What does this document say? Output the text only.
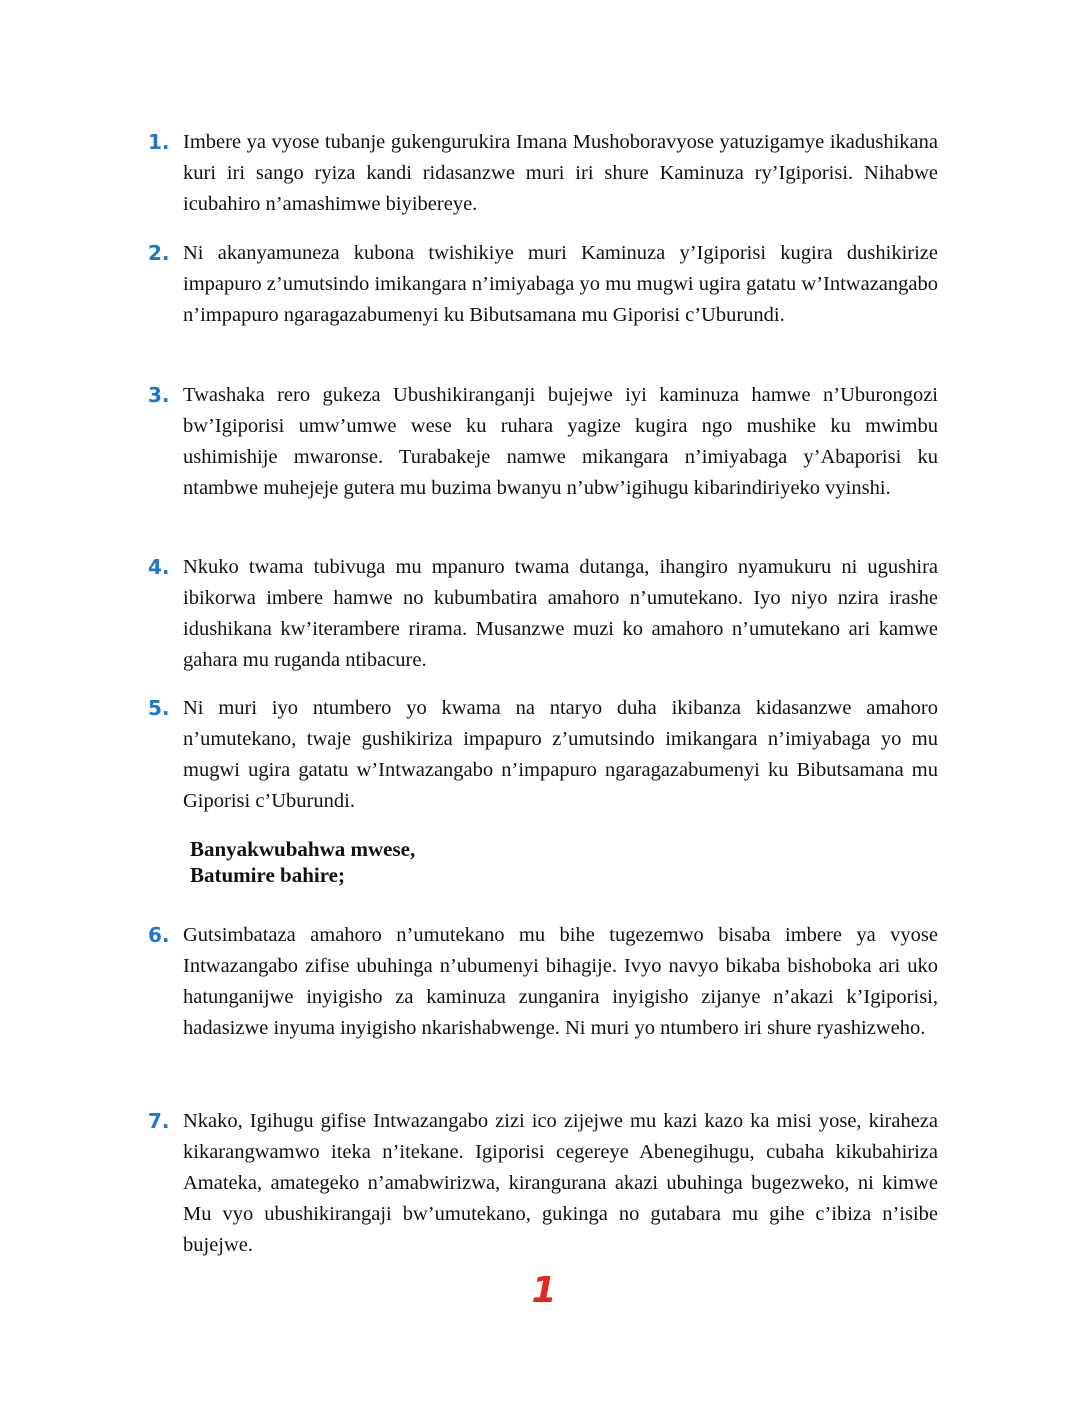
1. Imbere ya vyose tubanje gukengurukira Imana Mushoboravyose yatuzigamye ikadushikana kuri iri sango ryiza kandi ridasanzwe muri iri shure Kaminuza ry’Igiporisi. Nihabwe icubahiro n’amashimwe biyibereye.

2. Ni akanyamuneza kubona twishikiye muri Kaminuza y’Igiporisi kugira dushikirize impapuro z’umutsindo imikangara n’imiyabaga yo mu mugwi ugira gatatu w’Intwazangabo n’impapuro ngaragazabumenyi ku Bibutsamana mu Giporisi c’Uburundi.

3. Twashaka rero gukeza Ubushikiranganji bujejwe iyi kaminuza hamwe n’Uburongozi bw’Igiporisi umw’umwe wese ku ruhara yagize kugira ngo mushike ku mwimbu ushimishije mwaronse. Turabakeje namwe mikangara n’imiyabaga y’Abaporisi ku ntambwe muhejeje gutera mu buzima bwanyu n’ubw’igihugu kibarindiriyeko vyinshi.

4. Nkuko twama tubivuga mu mpanuro twama dutanga, ihangiro nyamukuru ni ugushira ibikorwa imbere hamwe no kubumbatira amahoro n’umutekano. Iyo niyo nzira irashe idushikana kw’iterambere rirama. Musanzwe muzi ko amahoro n’umutekano ari kamwe gahara mu ruganda ntibacure.

5. Ni muri iyo ntumbero yo kwama na ntaryo duha ikibanza kidasanzwe amahoro n’umutekano, twaje gushikiriza impapuro z’umutsindo imikangara n’imiyabaga yo mu mugwi ugira gatatu w’Intwazangabo n’impapuro ngaragazabumenyi ku Bibutsamana mu Giporisi c’Uburundi.

Banyakwubahwa mwese,
Batumire bahire;
6. Gutsimbataza amahoro n’umutekano mu bihe tugezemwo bisaba imbere ya vyose Intwazangabo zifise ubuhinga n’ubumenyi bihagije. Ivyo navyo bikaba bishoboka ari uko hatunganijwe inyigisho za kaminuza zunganira inyigisho zijanye n’akazi k’Igiporisi, hadasizwe inyuma inyigisho nkarishabwenge. Ni muri yo ntumbero iri shure ryashizweho.

7. Nkako, Igihugu gifise Intwazangabo zizi ico zijejwe mu kazi kazo ka misi yose, kiraheza kikarangwamwo iteka n’itekane. Igiporisi cegereye Abenegihugu, cubaha kikubahiriza Amateka, amategeko n’amabwirizwa, kirangurana akazi ubuhinga bugezweko, ni kimwe Mu vyo ubushikirangaji bw’umutekano, gukinga no gutabara mu gihe c’ibiza n’isibe bujejwe.

1
